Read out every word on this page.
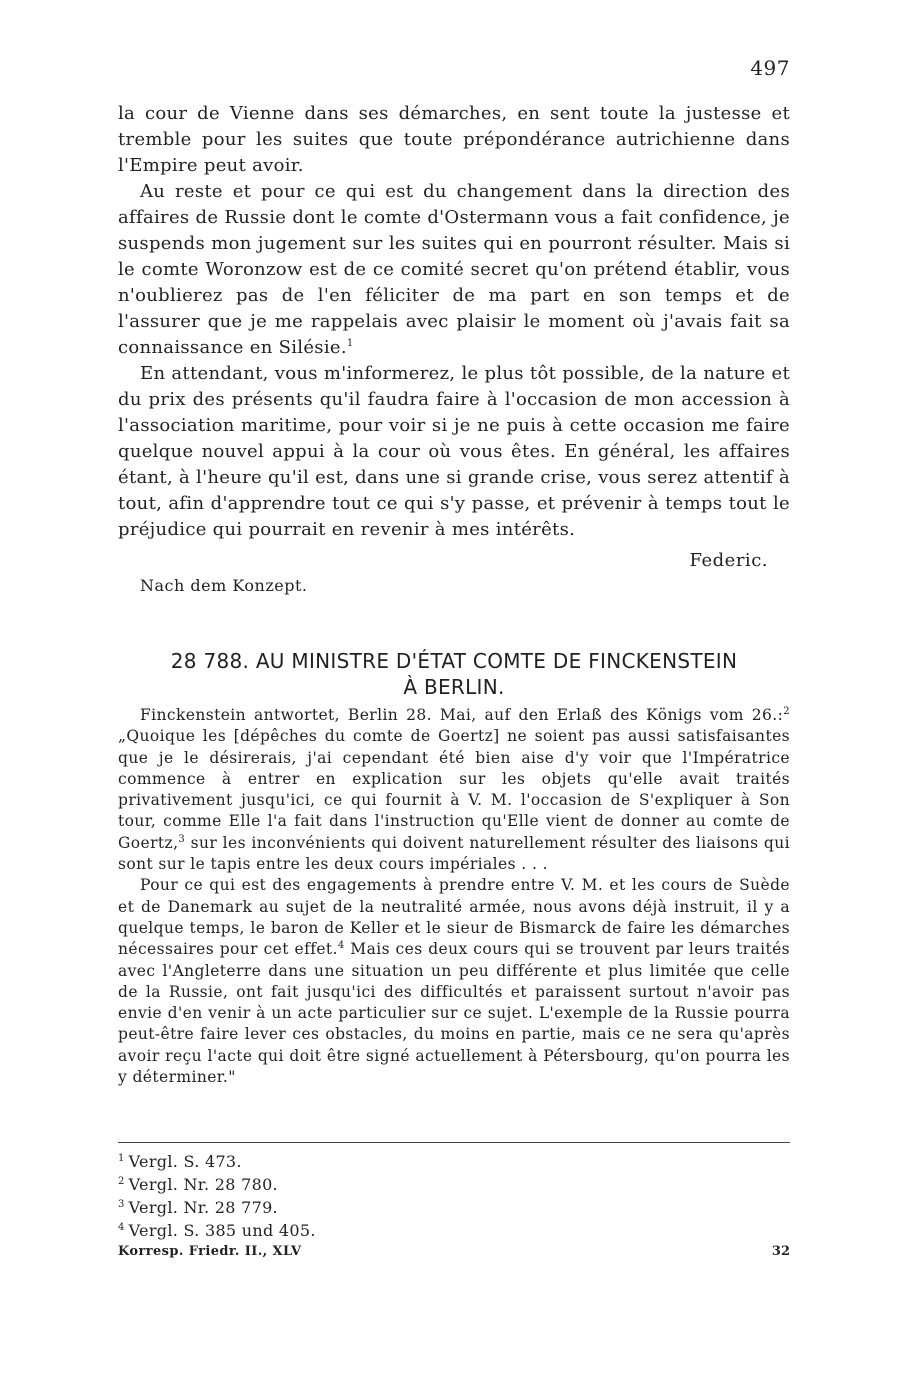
497

la cour de Vienne dans ses démarches, en sent toute la justesse et tremble pour les suites que toute prépondérance autrichienne dans l'Empire peut avoir.

Au reste et pour ce qui est du changement dans la direction des affaires de Russie dont le comte d'Ostermann vous a fait confidence, je suspends mon jugement sur les suites qui en pourront résulter. Mais si le comte Woronzow est de ce comité secret qu'on prétend établir, vous n'oublierez pas de l'en féliciter de ma part en son temps et de l'assurer que je me rappelais avec plaisir le moment où j'avais fait sa connaissance en Silésie.$^1$

En attendant, vous m'informerez, le plus tôt possible, de la nature et du prix des présents qu'il faudra faire à l'occasion de mon accession à l'association maritime, pour voir si je ne puis à cette occasion me faire quelque nouvel appui à la cour où vous êtes. En général, les affaires étant, à l'heure qu'il est, dans une si grande crise, vous serez attentif à tout, afin d'apprendre tout ce qui s'y passe, et prévenir à temps tout le préjudice qui pourrait en revenir à mes intérêts.

Federic.
Nach dem Konzept.
28 788. AU MINISTRE D'ÉTAT COMTE DE FINCKENSTEIN
À BERLIN.

Finckenstein antwortet, Berlin 28. Mai, auf den Erlaß des Königs vom 26.:$^2$ „Quoique les [dépêches du comte de Goertz] ne soient pas aussi satisfaisantes que je le désirerais, j'ai cependant été bien aise d'y voir que l'Impératrice commence à entrer en explication sur les objets qu'elle avait traités privativement jusqu'ici, ce qui fournit à V. M. l'occasion de S'expliquer à Son tour, comme Elle l'a fait dans l'instruction qu'Elle vient de donner au comte de Goertz,$^3$ sur les inconvénients qui doivent naturellement résulter des liaisons qui sont sur le tapis entre les deux cours impériales . . .

Pour ce qui est des engagements à prendre entre V. M. et les cours de Suède et de Danemark au sujet de la neutralité armée, nous avons déjà instruit, il y a quelque temps, le baron de Keller et le sieur de Bismarck de faire les démarches nécessaires pour cet effet.$^4$ Mais ces deux cours qui se trouvent par leurs traités avec l'Angleterre dans une situation un peu différente et plus limitée que celle de la Russie, ont fait jusqu'ici des difficultés et paraissent surtout n'avoir pas envie d'en venir à un acte particulier sur ce sujet. L'exemple de la Russie pourra peut-être faire lever ces obstacles, du moins en partie, mais ce ne sera qu'après avoir reçu l'acte qui doit être signé actuellement à Pétersbourg, qu'on pourra les y déterminer."

$^1$ Vergl. S. 473.
$^2$ Vergl. Nr. 28 780.
$^3$ Vergl. Nr. 28 779.
$^4$ Vergl. S. 385 und 405.
Korresp. Friedr. II., XLV	32
